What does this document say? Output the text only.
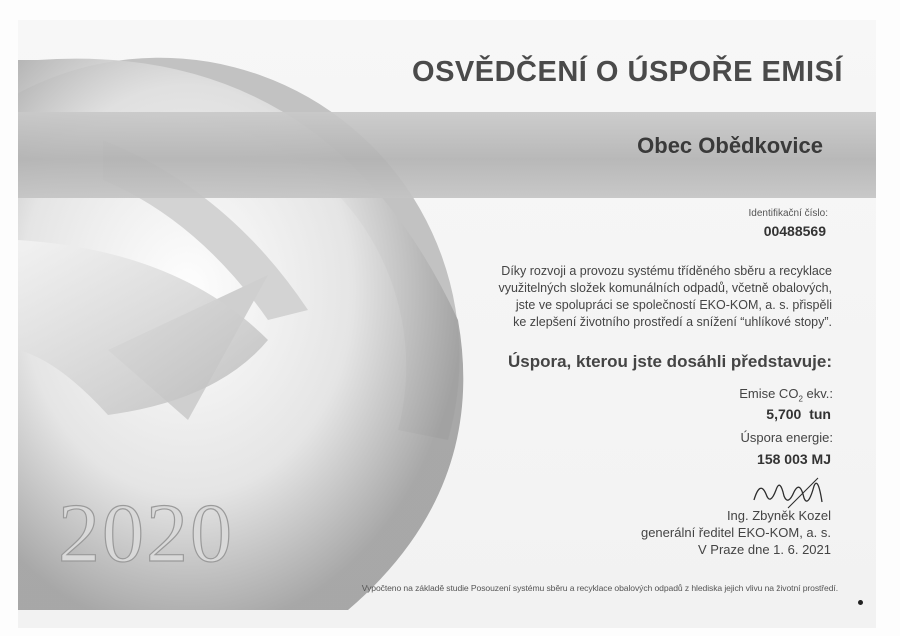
OSVĚDČENÍ O ÚSPOŘE EMISÍ
Obec Obědkovice
Identifikační číslo:
00488569
Díky rozvoji a provozu systému tříděného sběru a recyklace
využitelných složek komunálních odpadů, včetně obalových,
jste ve spolupráci se společností EKO-KOM, a. s. přispěli
ke zlepšení životního prostředí a snížení “uhlíkové stopy”.
Úspora, kterou jste dosáhli představuje:
Emise $CO_2$ ekv.:
5,700 tun
Úspora energie:
158 003 MJ
Ing. Zbyněk Kozel
generální ředitel EKO-KOM, a. s.
V Praze dne 1. 6. 2021
2020
Vypočteno na základě studie Posouzení systému sběru a recyklace obalových odpadů z hlediska jejich vlivu na životní prostředí.
